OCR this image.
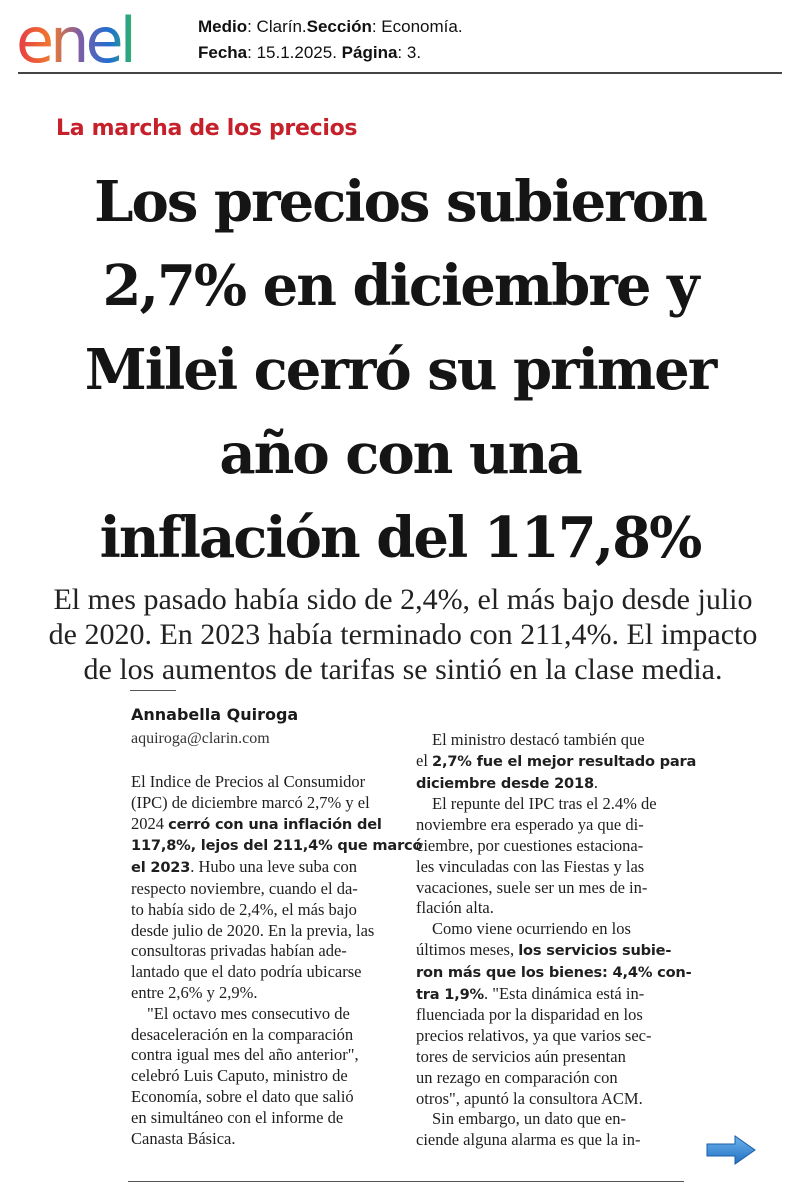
enel	Medio: Clarín.Sección: Economía.
Fecha: 15.1.2025. Página: 3.
La marcha de los precios
Los precios subieron
2,7% en diciembre y
Milei cerró su primer
año con una
inflación del 117,8%
El mes pasado había sido de 2,4%, el más bajo desde julio
de 2020. En 2023 había terminado con 211,4%. El impacto
de los aumentos de tarifas se sintió en la clase media.
Annabella Quiroga
aquiroga@clarin.com

El Indice de Precios al Consumidor
(IPC) de diciembre marcó 2,7% y el
2024 cerró con una inflación del
117,8%, lejos del 211,4% que marcó
el 2023. Hubo una leve suba con
respecto noviembre, cuando el da-
to había sido de 2,4%, el más bajo
desde julio de 2020. En la previa, las
consultoras privadas habían ade-
lantado que el dato podría ubicarse
entre 2,6% y 2,9%.

"El octavo mes consecutivo de
desaceleración en la comparación
contra igual mes del año anterior",
celebró Luis Caputo, ministro de
Economía, sobre el dato que salió
en simultáneo con el informe de
Canasta Básica.

El ministro destacó también que
el 2,7% fue el mejor resultado para
diciembre desde 2018.

El repunte del IPC tras el 2.4% de
noviembre era esperado ya que di-
ciembre, por cuestiones estaciona-
les vinculadas con las Fiestas y las
vacaciones, suele ser un mes de in-
flación alta.

Como viene ocurriendo en los
últimos meses, los servicios subie-
ron más que los bienes: 4,4% con-
tra 1,9%. "Esta dinámica está in-
fluenciada por la disparidad en los
precios relativos, ya que varios sec-
tores de servicios aún presentan
un rezago en comparación con
otros", apuntó la consultora ACM.

Sin embargo, un dato que en-
ciende alguna alarma es que la in-
